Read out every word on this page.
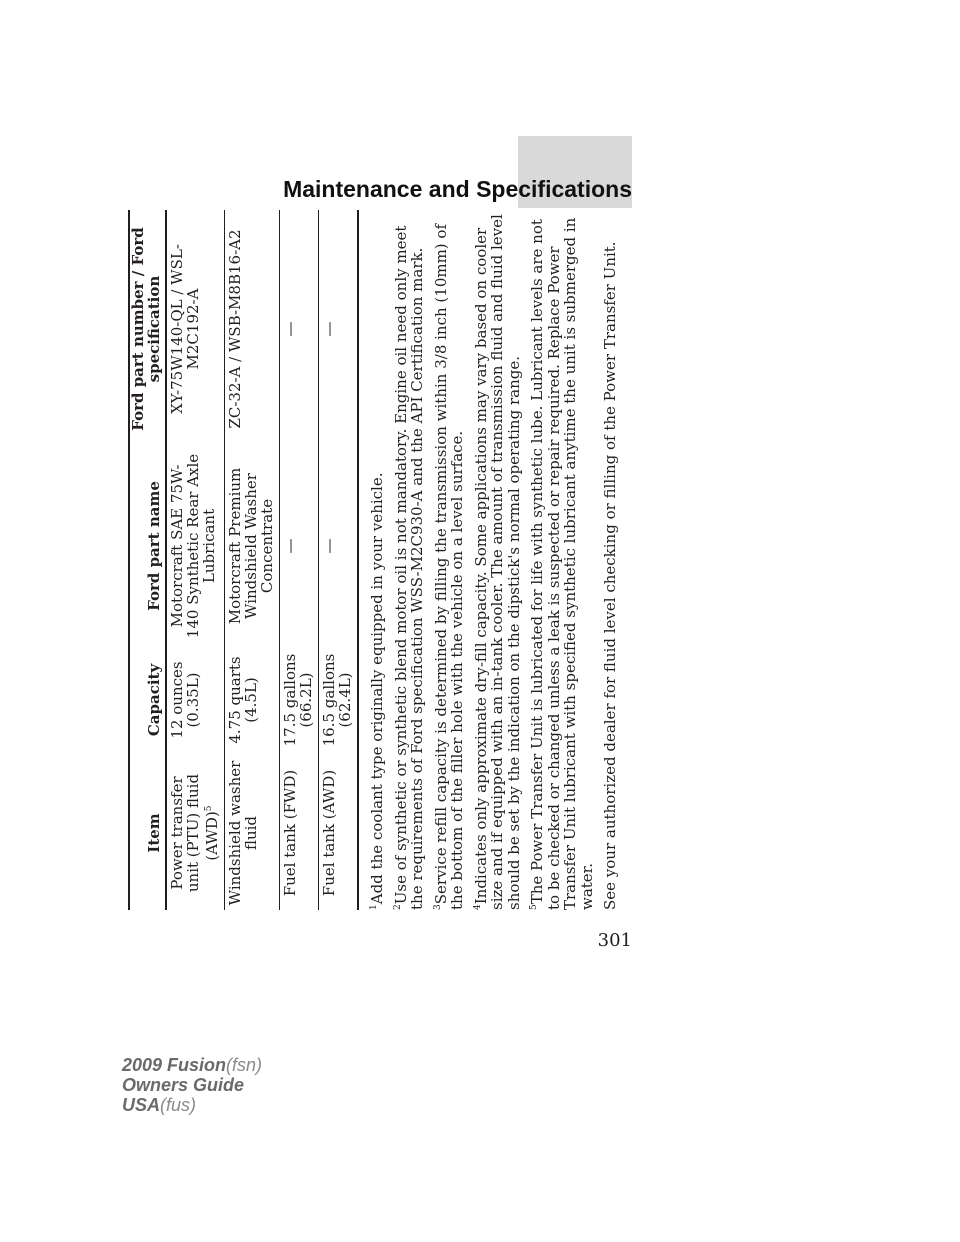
Maintenance and Specifications
Item	Capacity	Ford part name	Ford part number / Ford specification
Power transfer unit (PTU) fluid (AWD)$^5$	12 ounces (0.35L)	Motorcraft SAE 75W-140 Synthetic Rear Axle Lubricant	XY-75W140-QL / WSL-M2C192-A
Windshield washer fluid	4.75 quarts (4.5L)	Motorcraft Premium Windshield Washer Concentrate	ZC-32-A / WSB-M8B16-A2
Fuel tank (FWD)	17.5 gallons (66.2L)	—	—
Fuel tank (AWD)	16.5 gallons (62.4L)	—	—

$^1$Add the coolant type originally equipped in your vehicle.

$^2$Use of synthetic or synthetic blend motor oil is not mandatory. Engine oil need only meet the requirements of Ford specification WSS-M2C930-A and the API Certification mark. $^3$Service refill capacity is determined by filling the transmission within 3/8 inch (10mm) of the bottom of the filler hole with the vehicle on a level surface. $^4$Indicates only approximate dry-fill capacity. Some applications may vary based on cooler size and if equipped with an in-tank cooler. The amount of transmission fluid and fluid level should be set by the indication on the dipstick's normal operating range. $^5$The Power Transfer Unit is lubricated for life with synthetic lube. Lubricant levels are not to be checked or changed unless a leak is suspected or repair required. Replace Power Transfer Unit lubricant with specified synthetic lubricant anytime the unit is submerged in water. See your authorized dealer for fluid level checking or filling of the Power Transfer Unit.

301
2009 Fusion(fsn)
Owners Guide
USA(fus)
